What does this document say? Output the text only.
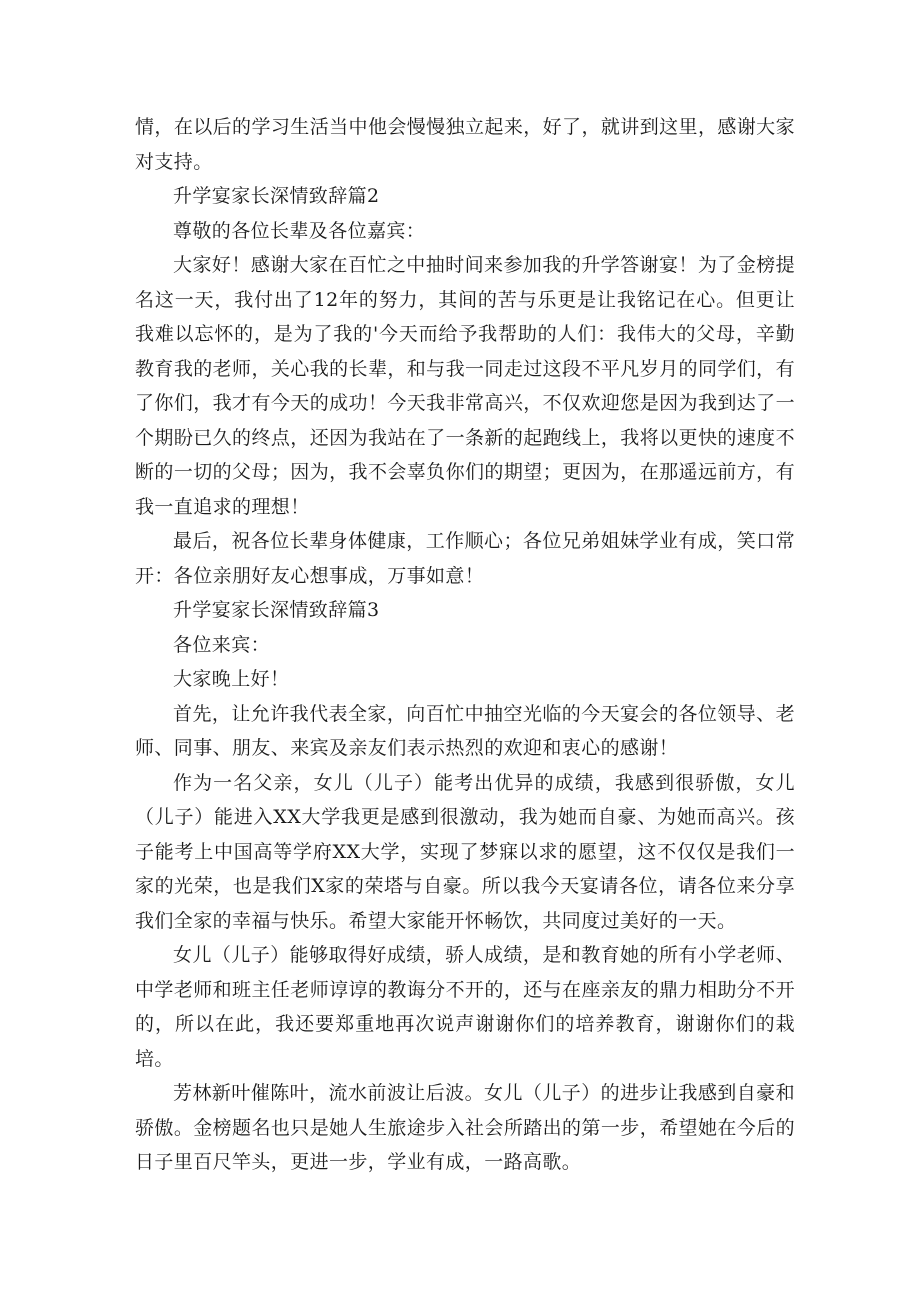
情，在以后的学习生活当中他会慢慢独立起来，好了，就讲到这里，感谢大家对支持。

升学宴家长深情致辞篇2

尊敬的各位长辈及各位嘉宾：

大家好！感谢大家在百忙之中抽时间来参加我的升学答谢宴！为了金榜提名这一天，我付出了12年的努力，其间的苦与乐更是让我铭记在心。但更让我难以忘怀的，是为了我的'今天而给予我帮助的人们：我伟大的父母，辛勤教育我的老师，关心我的长辈，和与我一同走过这段不平凡岁月的同学们，有了你们，我才有今天的成功！今天我非常高兴，不仅欢迎您是因为我到达了一个期盼已久的终点，还因为我站在了一条新的起跑线上，我将以更快的速度不断的一切的父母；因为，我不会辜负你们的期望；更因为，在那遥远前方，有我一直追求的理想！

最后，祝各位长辈身体健康，工作顺心；各位兄弟姐妹学业有成，笑口常开：各位亲朋好友心想事成，万事如意！

升学宴家长深情致辞篇3

各位来宾：

大家晚上好！

首先，让允许我代表全家，向百忙中抽空光临的今天宴会的各位领导、老师、同事、朋友、来宾及亲友们表示热烈的欢迎和衷心的感谢！

作为一名父亲，女儿（儿子）能考出优异的成绩，我感到很骄傲，女儿（儿子）能进入XX大学我更是感到很激动，我为她而自豪、为她而高兴。孩子能考上中国高等学府XX大学，实现了梦寐以求的愿望，这不仅仅是我们一家的光荣，也是我们X家的荣塔与自豪。所以我今天宴请各位，请各位来分享我们全家的幸福与快乐。希望大家能开怀畅饮，共同度过美好的一天。

女儿（儿子）能够取得好成绩，骄人成绩，是和教育她的所有小学老师、中学老师和班主任老师谆谆的教诲分不开的，还与在座亲友的鼎力相助分不开的，所以在此，我还要郑重地再次说声谢谢你们的培养教育，谢谢你们的栽培。

芳林新叶催陈叶，流水前波让后波。女儿（儿子）的进步让我感到自豪和骄傲。金榜题名也只是她人生旅途步入社会所踏出的第一步，希望她在今后的日子里百尺竿头，更进一步，学业有成，一路高歌。
